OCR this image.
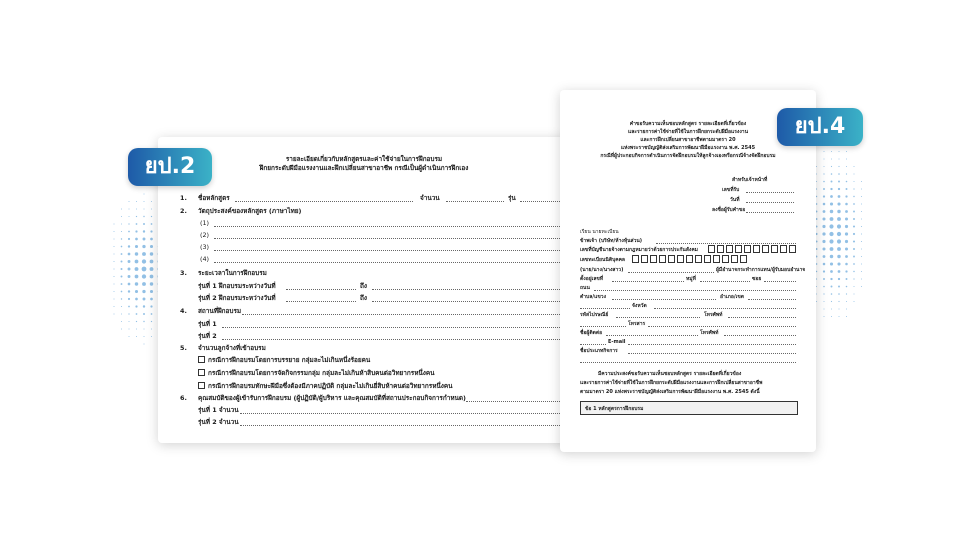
รายละเอียดเกี่ยวกับหลักสูตรและค่าใช้จ่ายในการฝึกอบรม
ฝึกยกระดับฝีมือแรงงานและฝึกเปลี่ยนสาขาอาชีพ กรณีเป็นผู้ดำเนินการฝึกเอง
1. ชื่อหลักสูตร	จำนวน	รุ่น
2. วัตถุประสงค์ของหลักสูตร (ภาษาไทย)
(1)
(2)
(3)
(4)
3. ระยะเวลาในการฝึกอบรม
รุ่นที่ 1 ฝึกอบรมระหว่างวันที่	ถึง
รุ่นที่ 2 ฝึกอบรมระหว่างวันที่	ถึง
4. สถานที่ฝึกอบรม
รุ่นที่ 1
รุ่นที่ 2
5. จำนวนลูกจ้างที่เข้าอบรม
กรณีการฝึกอบรมโดยการบรรยาย กลุ่มละไม่เกินหนึ่งร้อยคน
กรณีการฝึกอบรมโดยการจัดกิจกรรมกลุ่ม กลุ่มละไม่เกินห้าสิบคนต่อวิทยากรหนึ่งคน
กรณีการฝึกอบรมทักษะฝีมือซึ่งต้องมีภาคปฏิบัติ กลุ่มละไม่เกินยี่สิบห้าคนต่อวิทยากรหนึ่งคน
6. คุณสมบัติของผู้เข้ารับการฝึกอบรม (ผู้ปฏิบัติ/ผู้บริหาร และคุณสมบัติที่สถานประกอบกิจการกำหนด)
รุ่นที่ 1 จำนวน
รุ่นที่ 2 จำนวน
คำขอรับความเห็นชอบหลักสูตร รายละเอียดที่เกี่ยวข้อง
และรายการค่าใช้จ่ายที่ใช้ในการฝึกยกระดับฝีมือแรงงาน
และการฝึกเปลี่ยนสาขาอาชีพตามมาตรา 20
แห่งพระราชบัญญัติส่งเสริมการพัฒนาฝีมือแรงงาน พ.ศ. 2545
กรณีที่ผู้ประกอบกิจการดำเนินการจัดฝึกอบรมให้ลูกจ้างเองหรือกรณีจ้างจัดฝึกอบรม
สำหรับเจ้าหน้าที่
เลขที่รับ
วันที่
ลงชื่อผู้รับคำขอ
เรียน นายทะเบียน
ข้าพเจ้า (บริษัท/ห้างหุ้นส่วน)
เลขที่บัญชีนายจ้างตามกฎหมายว่าด้วยการประกันสังคม
เลขทะเบียนนิติบุคคล
(นาย/นาง/นางสาว)	ผู้มีอำนาจกระทำการแทน/ผู้รับมอบอำนาจ
ตั้งอยู่เลขที่	หมู่ที่	ซอย
ถนน
ตำบล/แขวง	อำเภอ/เขต
จังหวัด
รหัสไปรษณีย์	โทรศัพท์
โทรสาร
ชื่อผู้ติดต่อ	โทรศัพท์
E-mail
ชื่อประเภทกิจการ
มีความประสงค์ขอรับความเห็นชอบหลักสูตร รายละเอียดที่เกี่ยวข้อง
และรายการค่าใช้จ่ายที่ใช้ในการฝึกยกระดับฝีมือแรงงานและการฝึกเปลี่ยนสาขาอาชีพ
ตามมาตรา 20 แห่งพระราชบัญญัติส่งเสริมการพัฒนาฝีมือแรงงาน พ.ศ. 2545 ดังนี้
ข้อ 1 หลักสูตรการฝึกอบรม
ยป.2
ยป.4
